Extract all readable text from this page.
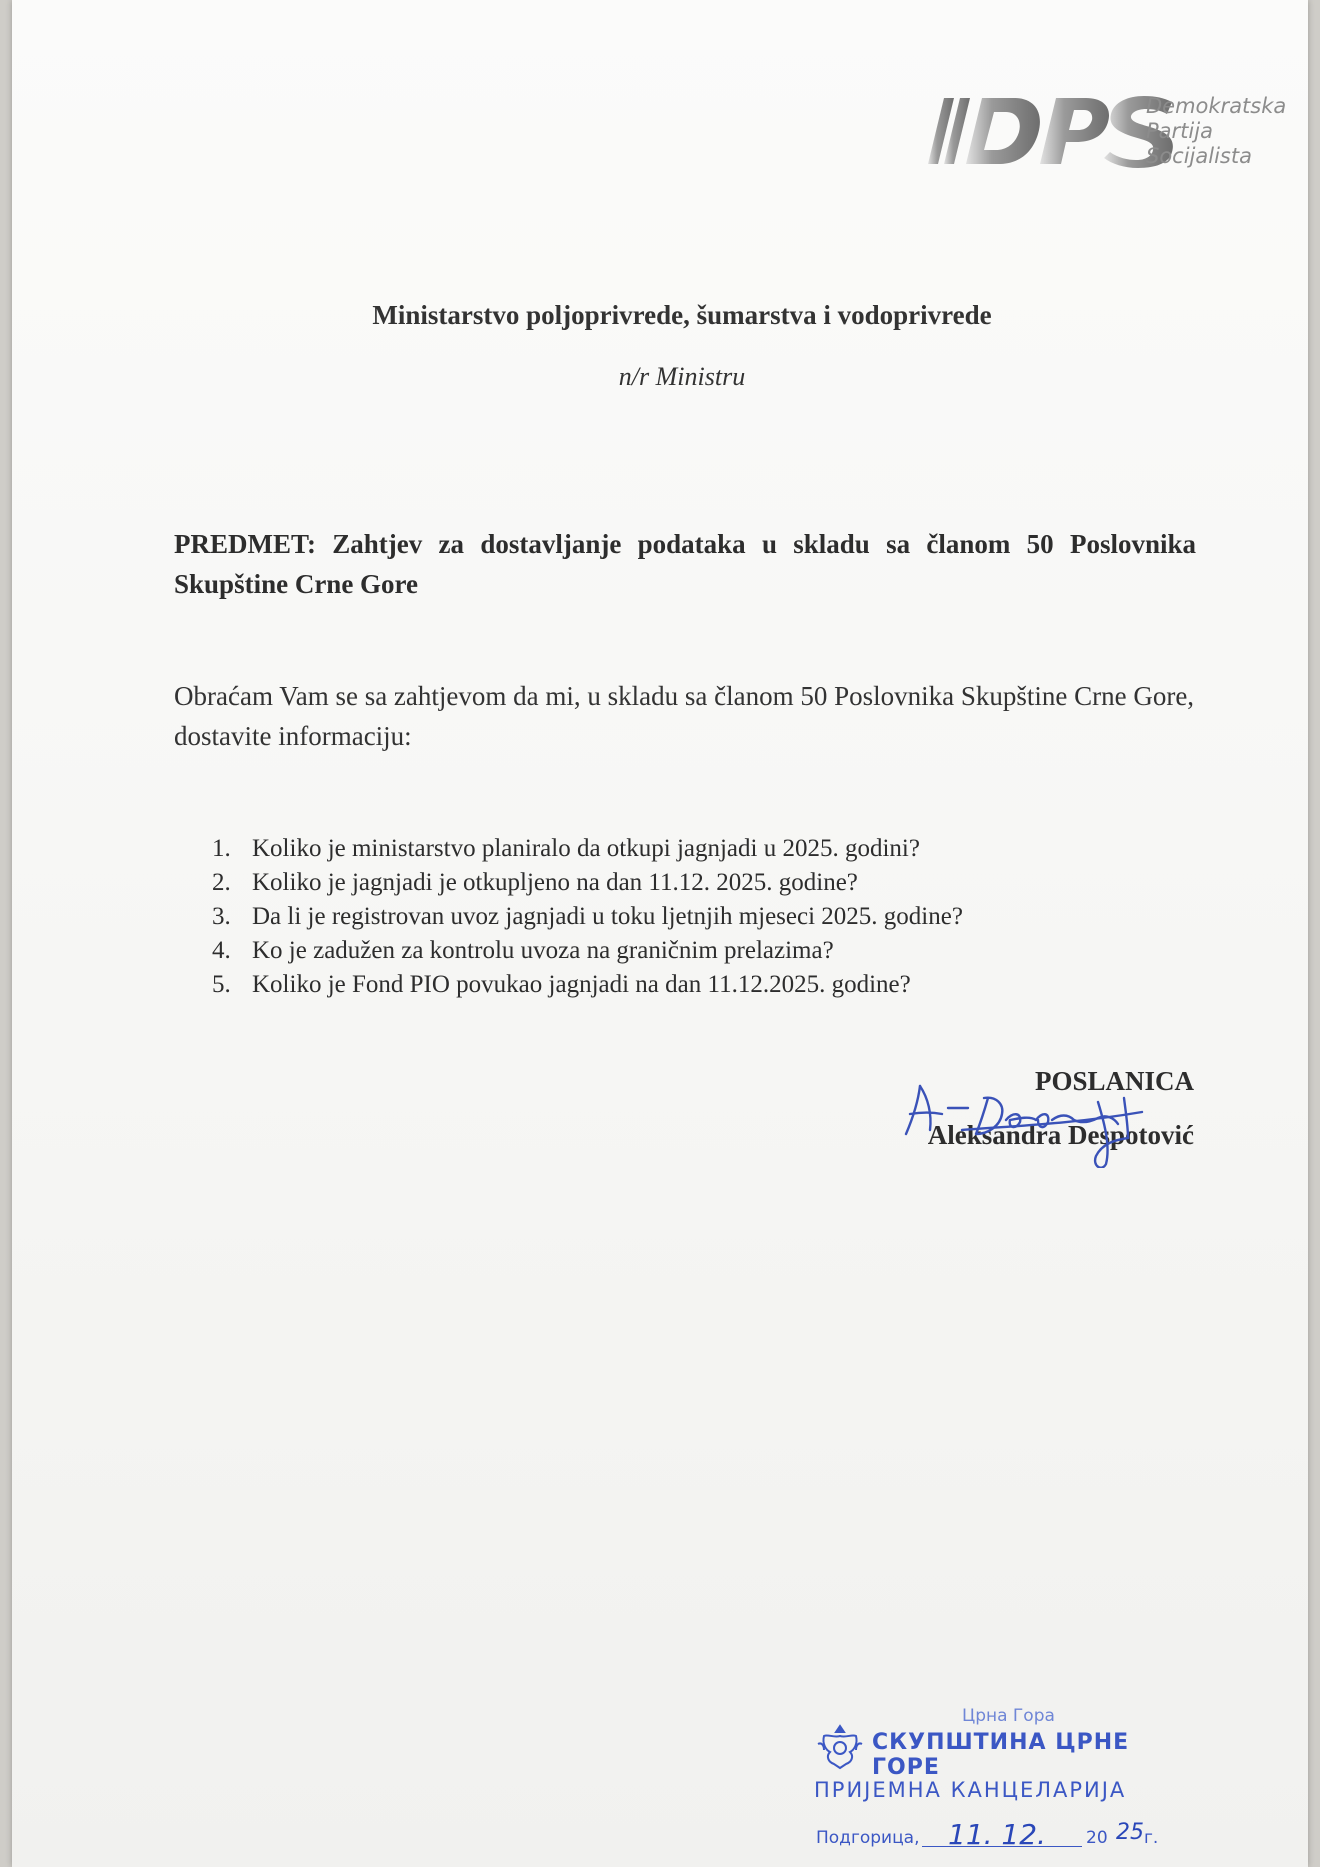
Demokratska
Partija
Socijalista
Ministarstvo poljoprivrede, šumarstva i vodoprivrede
n/r Ministru
PREDMET: Zahtjev za dostavljanje podataka u skladu sa članom 50 Poslovnika Skupštine Crne Gore
Obraćam Vam se sa zahtjevom da mi, u skladu sa članom 50 Poslovnika Skupštine Crne Gore, dostavite informaciju:
1. Koliko je ministarstvo planiralo da otkupi jagnjadi u 2025. godini?
2. Koliko je jagnjadi je otkupljeno na dan 11.12. 2025. godine?
3. Da li je registrovan uvoz jagnjadi u toku ljetnjih mjeseci 2025. godine?
4. Ko je zadužen za kontrolu uvoza na graničnim prelazima?
5. Koliko je Fond PIO povukao jagnjadi na dan 11.12.2025. godine?
POSLANICA
Aleksandra Despotović
Црна Гора
СКУПШТИНА ЦРНЕ ГОРЕ
ПРИЈЕМНА КАНЦЕЛАРИЈА
Подгорица, 11. 12. 20 25 г.
